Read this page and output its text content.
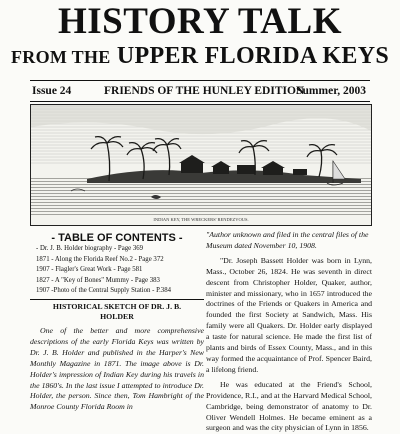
HISTORY TALK
FROM THE UPPER FLORIDA KEYS
Issue 24	FRIENDS OF THE HUNLEY EDITION
Summer, 2003
INDIAN KEY, THE WRECKERS' RENDEZVOUS.
- TABLE OF CONTENTS -
- Dr. J. B. Holder biography - Page 369
1871 - Along the Florida Reef No.2 - Page 372
1907 - Flagler's Great Work - Page 581
1827 - A "Key of Bones" Mummy - Page 383
1907 -Photo of the Central Supply Station - P.384
HISTORICAL SKETCH OF DR. J. B. HOLDER

One of the better and more comprehensive descriptions of the early Florida Keys was written by Dr. J. B. Holder and published in the Harper's New Monthly Magazine in 1871. The image above is Dr. Holder's impression of Indian Key during his travels in the 1860's. In the last issue I attempted to introduce Dr. Holder, the person. Since then, Tom Hambright of the Monroe County Florida Room in

"Author unknown and filed in the central files of the Museum dated November 10, 1908.

"Dr. Joseph Bassett Holder was born in Lynn, Mass., October 26, 1824. He was seventh in direct descent from Christopher Holder, Quaker, author, minister and missionary, who in 1657 introduced the doctrines of the Friends or Quakers in America and founded the first Society at Sandwich, Mass. His family were all Quakers. Dr. Holder early displayed a taste for natural science. He made the first list of plants and birds of Essex County, Mass., and in this way formed the acquaintance of Prof. Spencer Baird, a lifelong friend.

He was educated at the Friend's School, Providence, R.I., and at the Harvard Medical School, Cambridge, being demonstrator of anatomy to Dr. Oliver Wendell Holmes. He became eminent as a surgeon and was the city physician of Lynn in 1856.
